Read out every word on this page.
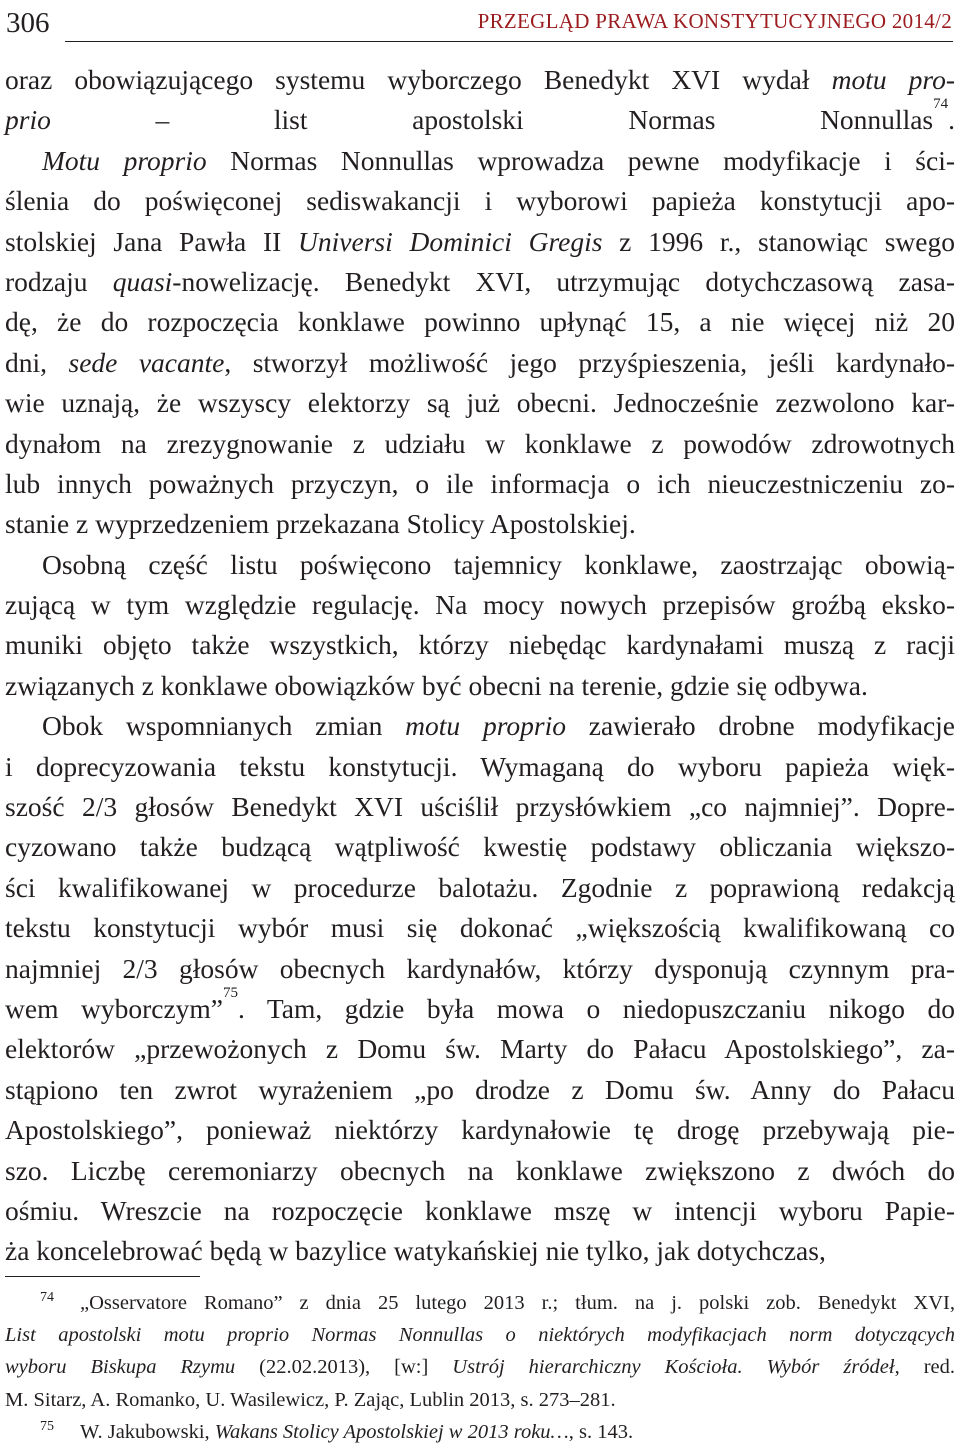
306	PRZEGLĄD PRAWA KONSTYTUCYJNEGO 2014/2
oraz obowiązującego systemu wyborczego Benedykt XVI wydał motu pro-
prio – list apostolski Normas Nonnullas$^{74}$.
Motu proprio Normas Nonnullas wprowadza pewne modyfikacje i ści-
ślenia do poświęconej sediswakancji i wyborowi papieża konstytucji apo-
stolskiej Jana Pawła II Universi Dominici Gregis z 1996 r., stanowiąc swego
rodzaju quasi-nowelizację. Benedykt XVI, utrzymując dotychczasową zasa-
dę, że do rozpoczęcia konklawe powinno upłynąć 15, a nie więcej niż 20
dni, sede vacante, stworzył możliwość jego przyśpieszenia, jeśli kardynało-
wie uznają, że wszyscy elektorzy są już obecni. Jednocześnie zezwolono kar-
dynałom na zrezygnowanie z udziału w konklawe z powodów zdrowotnych
lub innych poważnych przyczyn, o ile informacja o ich nieuczestniczeniu zo-
stanie z wyprzedzeniem przekazana Stolicy Apostolskiej.
Osobną część listu poświęcono tajemnicy konklawe, zaostrzając obowią-
zującą w tym względzie regulację. Na mocy nowych przepisów groźbą eksko-
muniki objęto także wszystkich, którzy niebędąc kardynałami muszą z racji
związanych z konklawe obowiązków być obecni na terenie, gdzie się odbywa.
Obok wspomnianych zmian motu proprio zawierało drobne modyfikacje
i doprecyzowania tekstu konstytucji. Wymaganą do wyboru papieża więk-
szość 2/3 głosów Benedykt XVI uściślił przysłówkiem „co najmniej”. Dopre-
cyzowano także budzącą wątpliwość kwestię podstawy obliczania większo-
ści kwalifikowanej w procedurze balotażu. Zgodnie z poprawioną redakcją
tekstu konstytucji wybór musi się dokonać „większością kwalifikowaną co
najmniej 2/3 głosów obecnych kardynałów, którzy dysponują czynnym pra-
wem wyborczym”$^{75}$. Tam, gdzie była mowa o niedopuszczaniu nikogo do
elektorów „przewożonych z Domu św. Marty do Pałacu Apostolskiego”, za-
stąpiono ten zwrot wyrażeniem „po drodze z Domu św. Anny do Pałacu
Apostolskiego”, ponieważ niektórzy kardynałowie tę drogę przebywają pie-
szo. Liczbę ceremoniarzy obecnych na konklawe zwiększono z dwóch do
ośmiu. Wreszcie na rozpoczęcie konklawe mszę w intencji wyboru Papie-
ża koncelebrować będą w bazylice watykańskiej nie tylko, jak dotychczas,
74 „Osservatore Romano” z dnia 25 lutego 2013 r.; tłum. na j. polski zob. Benedykt XVI,
List apostolski motu proprio Normas Nonnullas o niektórych modyfikacjach norm dotyczących
wyboru Biskupa Rzymu (22.02.2013), [w:] Ustrój hierarchiczny Kościoła. Wybór źródeł, red.
M. Sitarz, A. Romanko, U. Wasilewicz, P. Zając, Lublin 2013, s. 273–281.
75 W. Jakubowski, Wakans Stolicy Apostolskiej w 2013 roku…, s. 143.
